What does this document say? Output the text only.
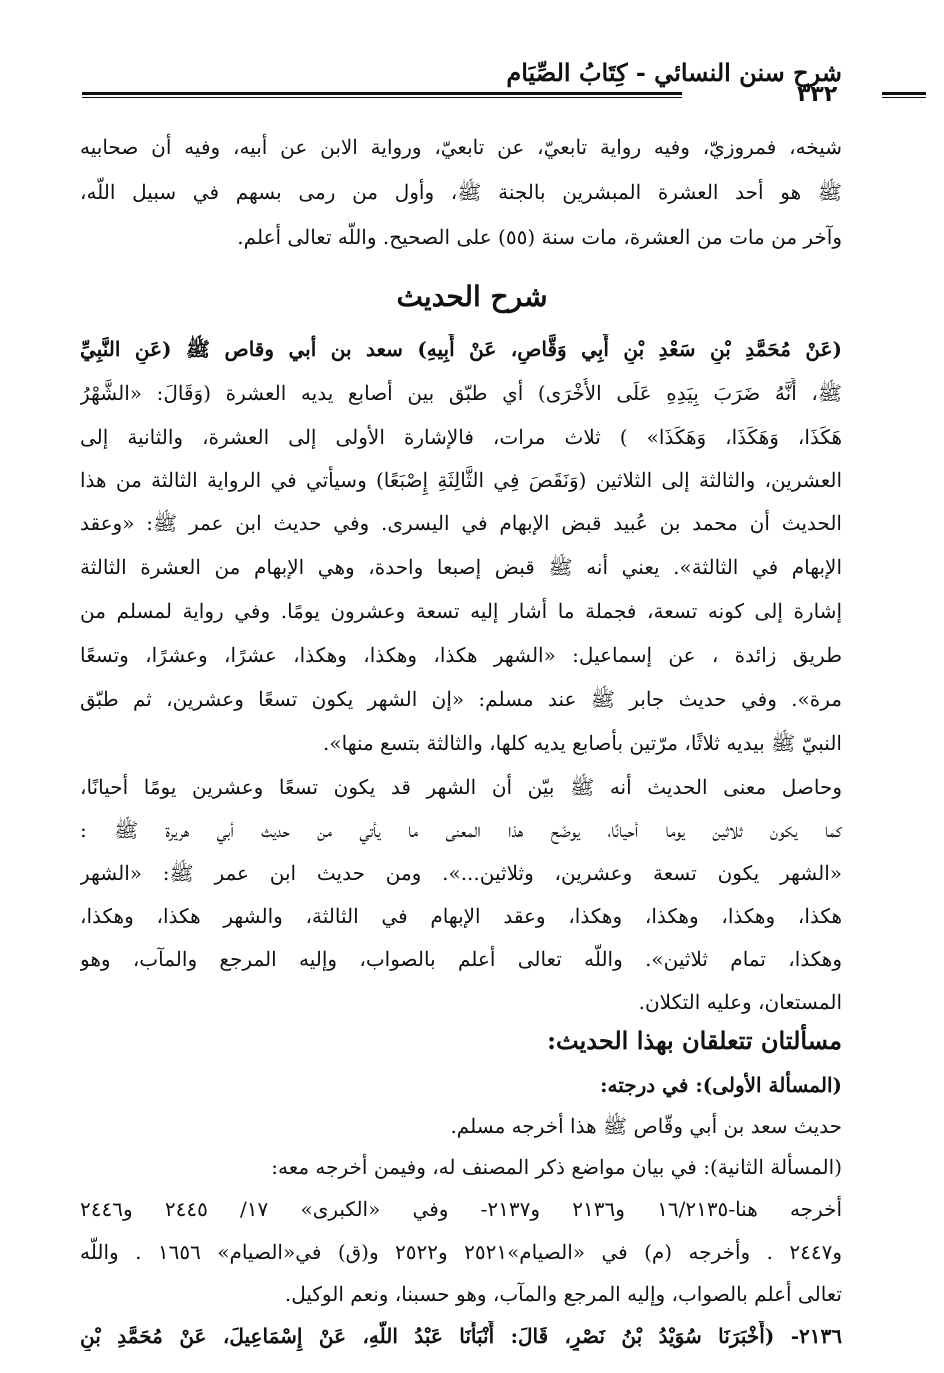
شرح سنن النسائي - كِتَابُ الصِّيَام
٣٣٢
شيخه، فمروزيّ، وفيه رواية تابعيّ، عن تابعيّ، ورواية الابن عن أبيه، وفيه أن صحابيه
ﷺ هو أحد العشرة المبشرين بالجنة ﷺ، وأول من رمى بسهم في سبيل اللَّه،
وآخر من مات من العشرة، مات سنة (٥٥) على الصحيح. واللَّه تعالى أعلم.
شرح الحديث
(عَنْ مُحَمَّدِ بْنِ سَعْدِ بْنِ أَبِي وَقَّاصٍ، عَنْ أَبِيهِ) سعد بن أبي وقاص ﷺ (عَنِ النَّبِيِّ
ﷺ، أَنَّهُ ضَرَبَ بِيَدِهِ عَلَى الأُخْرَى) أي طبّق بين أصابع يديه العشرة (وَقَالَ: «الشَّهْرُ
هَكَذَا، وَهَكَذَا، وَهَكَذَا» ) ثلاث مرات، فالإشارة الأولى إلى العشرة، والثانية إلى
العشرين، والثالثة إلى الثلاثين (وَنَقَصَ فِي الثَّالِثَةِ إِصْبَعًا) وسيأتي في الرواية الثالثة من هذا
الحديث أن محمد بن عُبيد قبض الإبهام في اليسرى. وفي حديث ابن عمر ﷺ: «وعقد
الإبهام في الثالثة». يعني أنه ﷺ قبض إصبعا واحدة، وهي الإبهام من العشرة الثالثة
إشارة إلى كونه تسعة، فجملة ما أشار إليه تسعة وعشرون يومًا. وفي رواية لمسلم من
طريق زائدة ، عن إسماعيل: «الشهر هكذا، وهكذا، وهكذا، عشرًا، وعشرًا، وتسعًا
مرة». وفي حديث جابر ﷺ عند مسلم: «إن الشهر يكون تسعًا وعشرين، ثم طبّق
النبيّ ﷺ بيديه ثلاثًا، مرّتين بأصابع يديه كلها، والثالثة بتسع منها».
وحاصل معنى الحديث أنه ﷺ بيّن أن الشهر قد يكون تسعًا وعشرين يومًا أحيانًا،
كما يكون ثلاثين يوما أحيانًا، يوضّح هذا المعنى ما يأتي من حديث أبي هريرة ﷺ :
«الشهر يكون تسعة وعشرين، وثلاثين...». ومن حديث ابن عمر ﷺ: «الشهر
هكذا، وهكذا، وهكذا، وهكذا، وعقد الإبهام في الثالثة، والشهر هكذا، وهكذا،
وهكذا، تمام ثلاثين». واللَّه تعالى أعلم بالصواب، وإليه المرجع والمآب، وهو
المستعان، وعليه التكلان.
مسألتان تتعلقان بهذا الحديث:
(المسألة الأولى): في درجته:
حديث سعد بن أبي وقّاص ﷺ هذا أخرجه مسلم.
(المسألة الثانية): في بيان مواضع ذكر المصنف له، وفيمن أخرجه معه:
أخرجه هنا-١٦/٢١٣٥ و٢١٣٦ و٢١٣٧- وفي «الكبرى» ١٧/ ٢٤٤٥ و٢٤٤٦
و٢٤٤٧ . وأخرجه (م) في «الصيام»٢٥٢١ و٢٥٢٢ و(ق) في«الصيام» ١٦٥٦ . واللَّه
تعالى أعلم بالصواب، وإليه المرجع والمآب، وهو حسبنا، ونعم الوكيل.
٢١٣٦- (أَخْبَرَنَا سُوَيْدُ بْنُ نَصْرٍ، قَالَ: أَنْبَأَنَا عَبْدُ اللَّهِ، عَنْ إِسْمَاعِيلَ، عَنْ مُحَمَّدِ بْنِ
